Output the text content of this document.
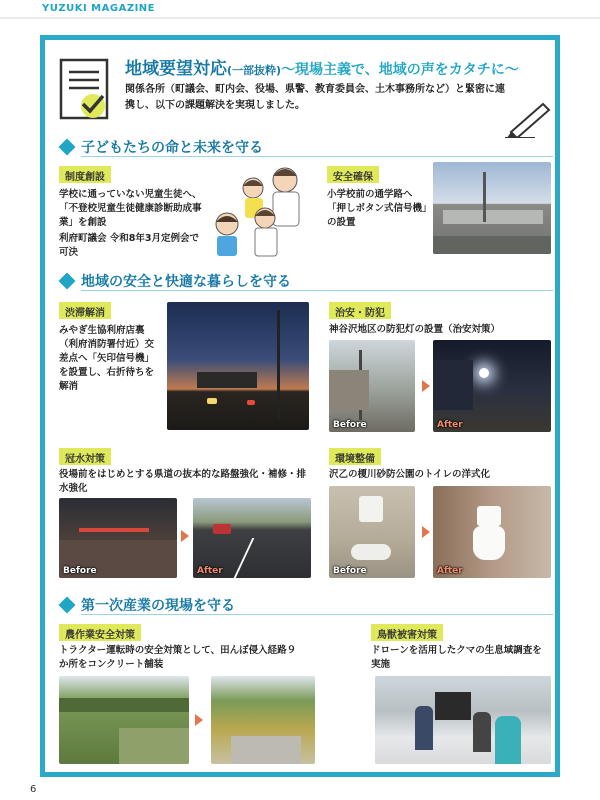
YUZUKI MAGAZINE
地域要望対応(一部抜粋)〜現場主義で、地域の声をカタチに〜
関係各所（町議会、町内会、役場、県警、教育委員会、土木事務所など）と緊密に連携し、以下の課題解決を実現しました。
子どもたちの命と未来を守る
制度創設
学校に通っていない児童生徒へ、「不登校児童生徒健康診断助成事業」を創設
利府町議会 令和8年3月定例会で可決
安全確保
小学校前の通学路へ「押しボタン式信号機」の設置
地域の安全と快適な暮らしを守る
渋滞解消
みやぎ生協利府店裏（利府消防署付近）交差点へ「矢印信号機」を設置し、右折待ちを解消
治安・防犯
神谷沢地区の防犯灯の設置（治安対策）
Before	After
冠水対策
役場前をはじめとする県道の抜本的な路盤強化・補修・排水強化
Before	After
環境整備
沢乙の榎川砂防公園のトイレの洋式化
Before	After
第一次産業の現場を守る
農作業安全対策
トラクター運転時の安全対策として、田んぼ侵入経路９か所をコンクリート舗装
鳥獣被害対策
ドローンを活用したクマの生息域調査を実施
6
